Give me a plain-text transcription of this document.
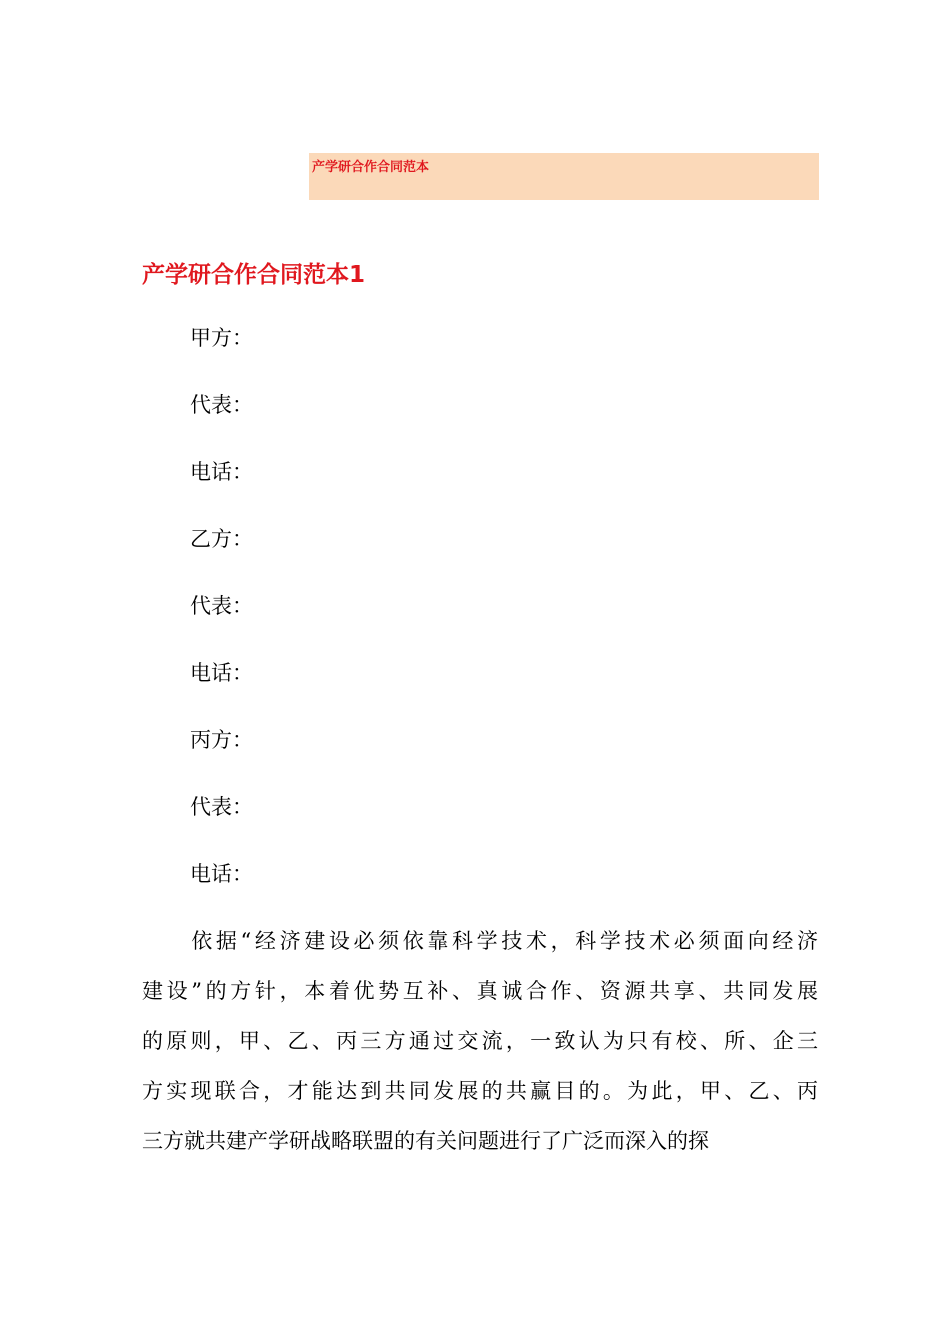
产学研合作合同范本
产学研合作合同范本1
甲方：
代表：
电话：
乙方：
代表：
电话：
丙方：
代表：
电话：
　　依据“经济建设必须依靠科学技术，科学技术必须面向经济
建设”的方针，本着优势互补、真诚合作、资源共享、共同发展
的原则，甲、乙、丙三方通过交流，一致认为只有校、所、企三
方实现联合，才能达到共同发展的共赢目的。为此，甲、乙、丙
三方就共建产学研战略联盟的有关问题进行了广泛而深入的探
